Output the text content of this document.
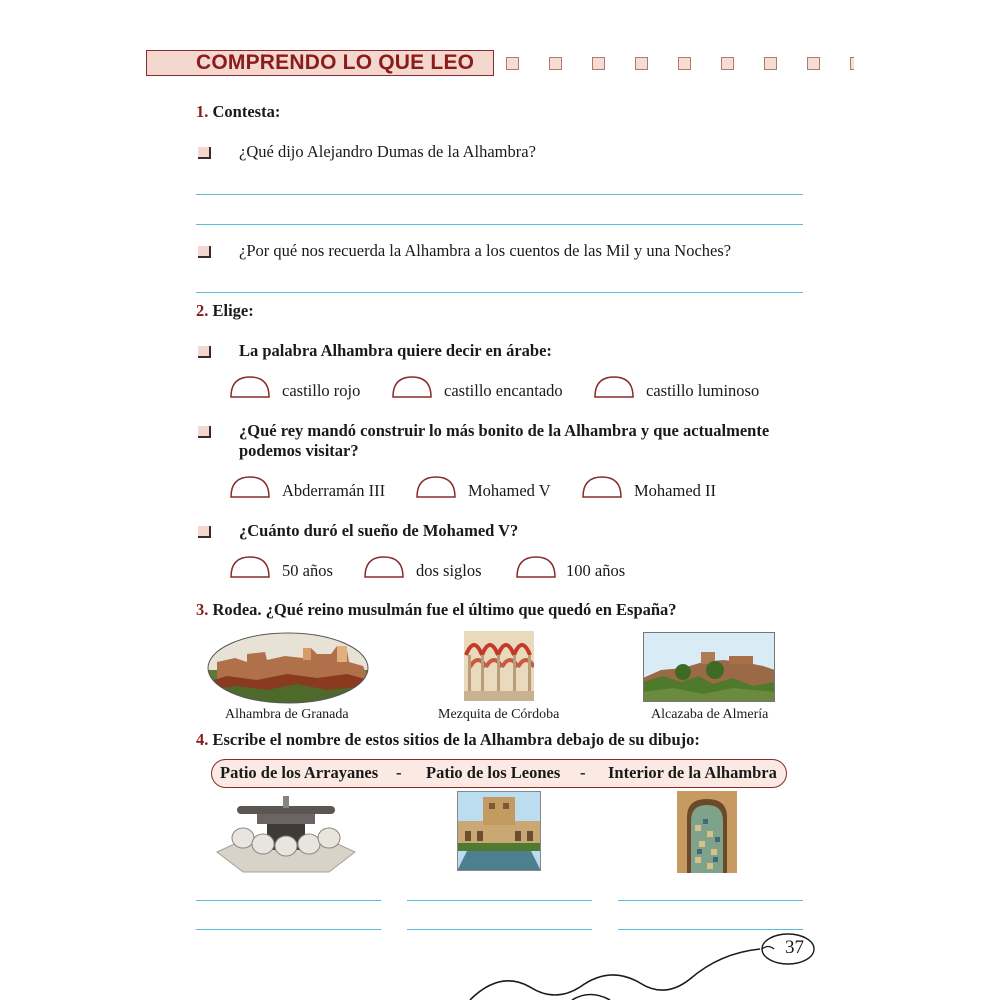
COMPRENDO LO QUE LEO
1. Contesta:
¿Qué dijo Alejandro Dumas de la Alhambra?
¿Por qué nos recuerda la Alhambra a los cuentos de las Mil y una Noches?
2. Elige:
La palabra Alhambra quiere decir en árabe:
castillo rojo	castillo encantado	castillo luminoso
¿Qué rey mandó construir lo más bonito de la Alhambra y que actualmente
podemos visitar?
Abderramán III	Mohamed V	Mohamed II
¿Cuánto duró el sueño de Mohamed V?
50 años	dos siglos	100 años
3. Rodea. ¿Qué reino musulmán fue el último que quedó en España?
Alhambra de Granada	Mezquita de Córdoba	Alcazaba de Almería
4. Escribe el nombre de estos sitios de la Alhambra debajo de su dibujo:
Patio de los Arrayanes - Patio de los Leones - Interior de la Alhambra
37
